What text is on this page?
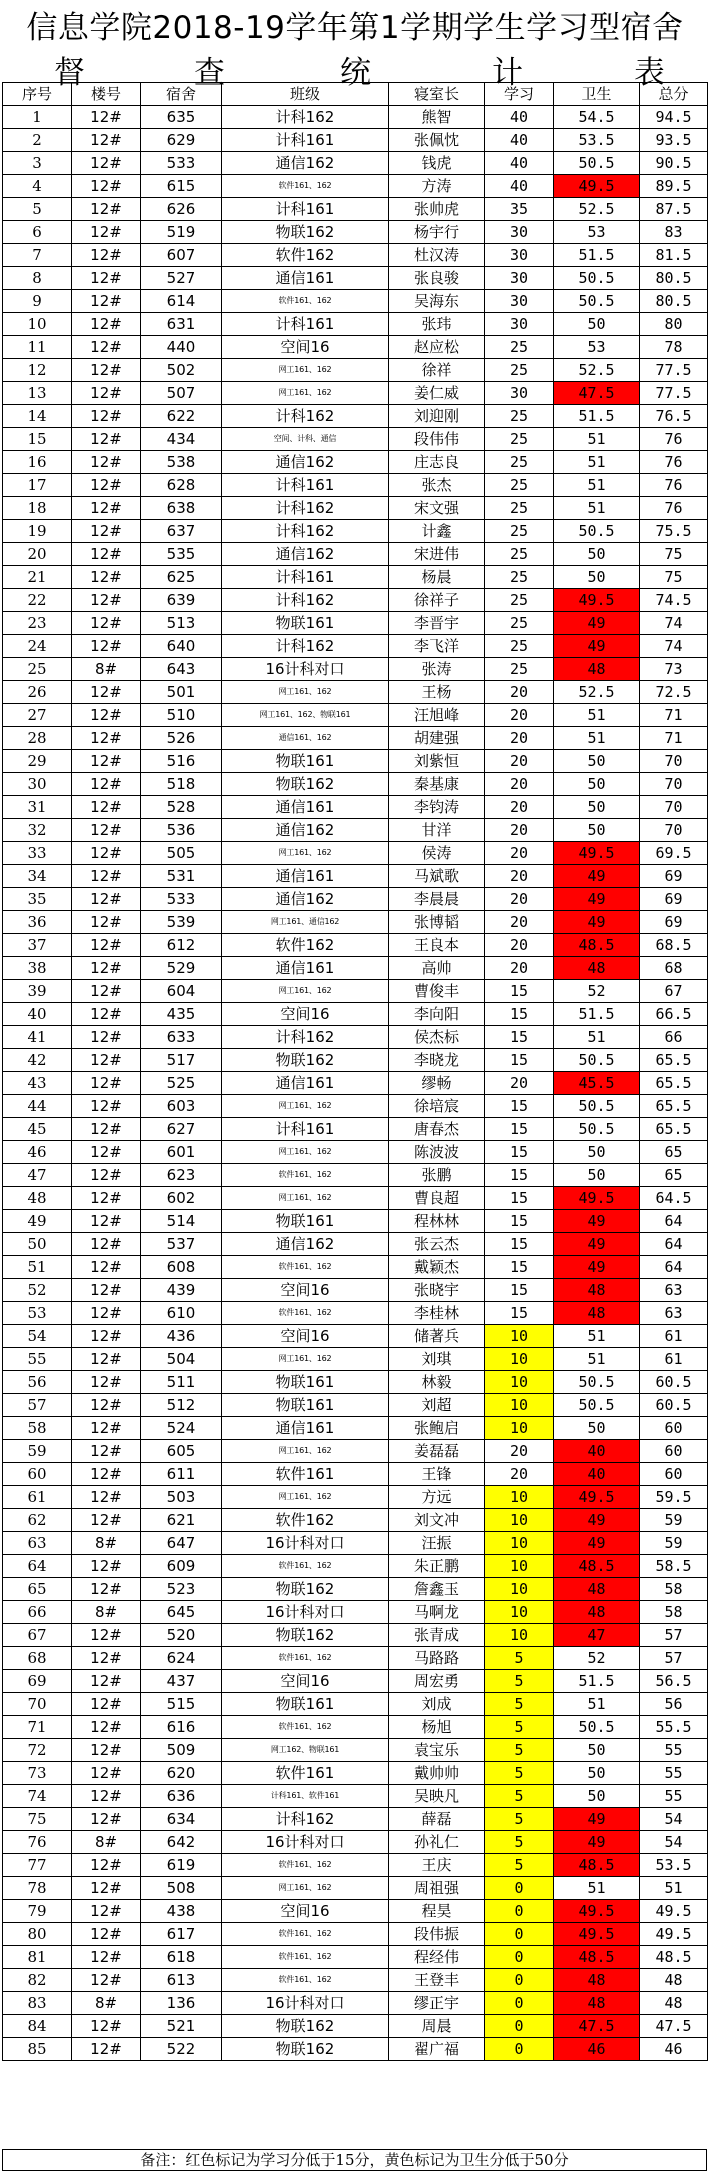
信息学院2018-19学年第1学期学生学习型宿舍
督	查	统	计	表
序号	楼号	宿舍	班级	寝室长	学习	卫生	总分
1	12#	635	计科162	熊智	40	54.5	94.5
2	12#	629	计科161	张佩忱	40	53.5	93.5
3	12#	533	通信162	钱虎	40	50.5	90.5
4	12#	615	软件161、162	方涛	40	49.5	89.5
5	12#	626	计科161	张帅虎	35	52.5	87.5
6	12#	519	物联162	杨宇行	30	53	83
7	12#	607	软件162	杜汉涛	30	51.5	81.5
8	12#	527	通信161	张良骏	30	50.5	80.5
9	12#	614	软件161、162	吴海东	30	50.5	80.5
10	12#	631	计科161	张玮	30	50	80
11	12#	440	空间16	赵应松	25	53	78
12	12#	502	网工161、162	徐祥	25	52.5	77.5
13	12#	507	网工161、162	姜仁威	30	47.5	77.5
14	12#	622	计科162	刘迎刚	25	51.5	76.5
15	12#	434	空间、计科、通信	段伟伟	25	51	76
16	12#	538	通信162	庄志良	25	51	76
17	12#	628	计科161	张杰	25	51	76
18	12#	638	计科162	宋文强	25	51	76
19	12#	637	计科162	计鑫	25	50.5	75.5
20	12#	535	通信162	宋进伟	25	50	75
21	12#	625	计科161	杨晨	25	50	75
22	12#	639	计科162	徐祥子	25	49.5	74.5
23	12#	513	物联161	李晋宇	25	49	74
24	12#	640	计科162	李飞洋	25	49	74
25	8#	643	16计科对口	张涛	25	48	73
26	12#	501	网工161、162	王杨	20	52.5	72.5
27	12#	510	网工161、162、物联161	汪旭峰	20	51	71
28	12#	526	通信161、162	胡建强	20	51	71
29	12#	516	物联161	刘紫恒	20	50	70
30	12#	518	物联162	秦基康	20	50	70
31	12#	528	通信161	李钧涛	20	50	70
32	12#	536	通信162	甘洋	20	50	70
33	12#	505	网工161、162	侯涛	20	49.5	69.5
34	12#	531	通信161	马斌歌	20	49	69
35	12#	533	通信162	李晨晨	20	49	69
36	12#	539	网工161、通信162	张博韬	20	49	69
37	12#	612	软件162	王良本	20	48.5	68.5
38	12#	529	通信161	高帅	20	48	68
39	12#	604	网工161、162	曹俊丰	15	52	67
40	12#	435	空间16	李向阳	15	51.5	66.5
41	12#	633	计科162	侯杰标	15	51	66
42	12#	517	物联162	李晓龙	15	50.5	65.5
43	12#	525	通信161	缪畅	20	45.5	65.5
44	12#	603	网工161、162	徐培宸	15	50.5	65.5
45	12#	627	计科161	唐春杰	15	50.5	65.5
46	12#	601	网工161、162	陈波波	15	50	65
47	12#	623	软件161、162	张鹏	15	50	65
48	12#	602	网工161、162	曹良超	15	49.5	64.5
49	12#	514	物联161	程林林	15	49	64
50	12#	537	通信162	张云杰	15	49	64
51	12#	608	软件161、162	戴颖杰	15	49	64
52	12#	439	空间16	张晓宇	15	48	63
53	12#	610	软件161、162	李桂林	15	48	63
54	12#	436	空间16	储著兵	10	51	61
55	12#	504	网工161、162	刘琪	10	51	61
56	12#	511	物联161	林毅	10	50.5	60.5
57	12#	512	物联161	刘超	10	50.5	60.5
58	12#	524	通信161	张鲍启	10	50	60
59	12#	605	网工161、162	姜磊磊	20	40	60
60	12#	611	软件161	王锋	20	40	60
61	12#	503	网工161、162	方远	10	49.5	59.5
62	12#	621	软件162	刘文冲	10	49	59
63	8#	647	16计科对口	汪振	10	49	59
64	12#	609	软件161、162	朱正鹏	10	48.5	58.5
65	12#	523	物联162	詹鑫玉	10	48	58
66	8#	645	16计科对口	马啊龙	10	48	58
67	12#	520	物联162	张青成	10	47	57
68	12#	624	软件161、162	马路路	5	52	57
69	12#	437	空间16	周宏勇	5	51.5	56.5
70	12#	515	物联161	刘成	5	51	56
71	12#	616	软件161、162	杨旭	5	50.5	55.5
72	12#	509	网工162、物联161	袁宝乐	5	50	55
73	12#	620	软件161	戴帅帅	5	50	55
74	12#	636	计科161、软件161	吴映凡	5	50	55
75	12#	634	计科162	薛磊	5	49	54
76	8#	642	16计科对口	孙礼仁	5	49	54
77	12#	619	软件161、162	王庆	5	48.5	53.5
78	12#	508	网工161、162	周祖强	0	51	51
79	12#	438	空间16	程昊	0	49.5	49.5
80	12#	617	软件161、162	段伟振	0	49.5	49.5
81	12#	618	软件161、162	程经伟	0	48.5	48.5
82	12#	613	软件161、162	王登丰	0	48	48
83	8#	136	16计科对口	缪正宇	0	48	48
84	12#	521	物联162	周晨	0	47.5	47.5
85	12#	522	物联162	翟广福	0	46	46
备注：红色标记为学习分低于15分，黄色标记为卫生分低于50分
